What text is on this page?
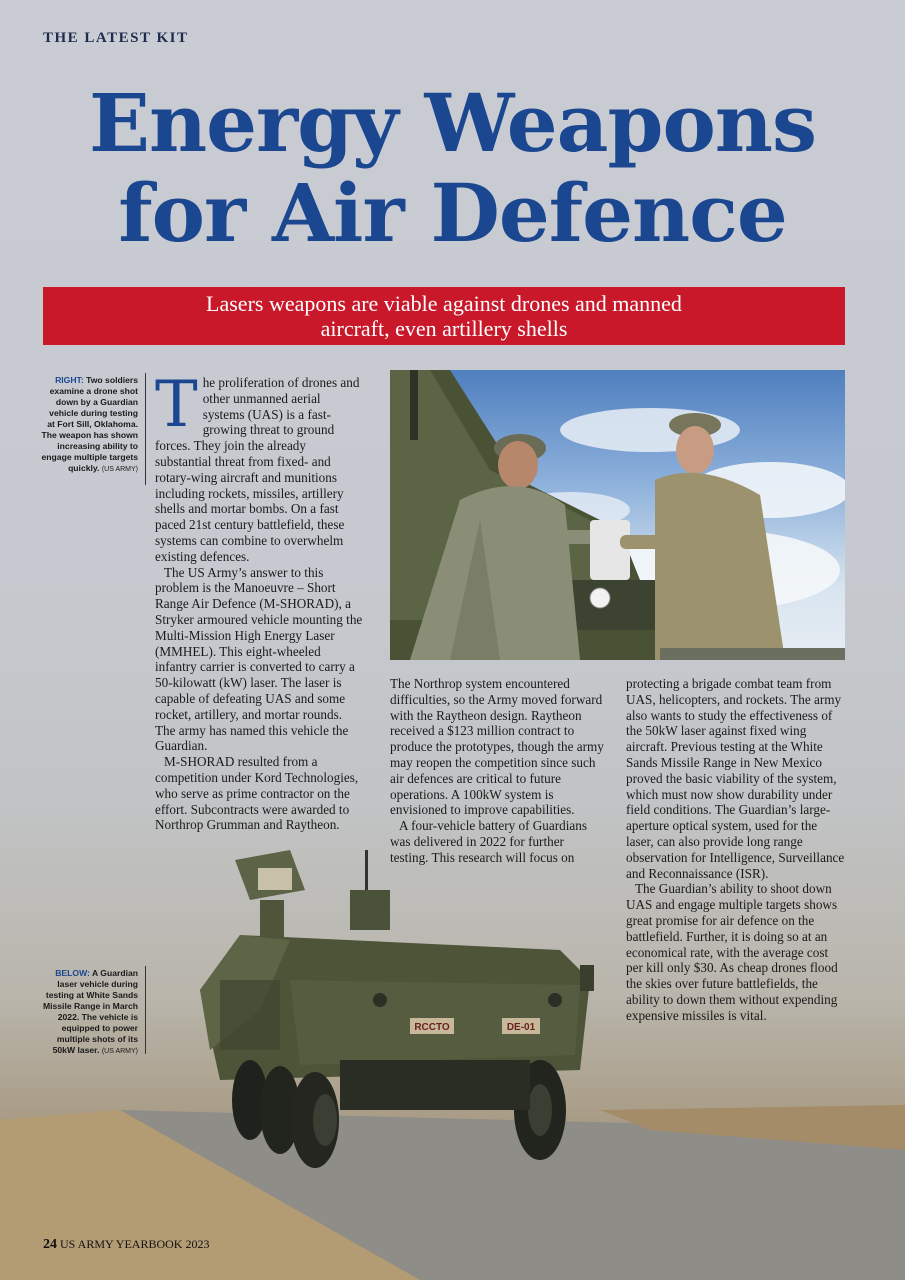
THE LATEST KIT
Energy Weapons
for Air Defence
Lasers weapons are viable against drones and manned
aircraft, even artillery shells
RIGHT: Two soldiers examine a drone shot down by a Guardian vehicle during testing at Fort Sill, Oklahoma. The weapon has shown increasing ability to engage multiple targets quickly. (US ARMY)
BELOW: A Guardian laser vehicle during testing at White Sands Missile Range in March 2022. The vehicle is equipped to power multiple shots of its 50kW laser. (US ARMY)
T he proliferation of drones and other unmanned aerial systems (UAS) is a fast-growing threat to ground forces. They join the already substantial threat from fixed- and rotary-wing aircraft and munitions including rockets, missiles, artillery shells and mortar bombs. On a fast paced 21st century battlefield, these systems can combine to overwhelm existing defences.

The US Army’s answer to this problem is the Manoeuvre – Short Range Air Defence (M-SHORAD), a Stryker armoured vehicle mounting the Multi-Mission High Energy Laser (MMHEL). This eight-wheeled infantry carrier is converted to carry a 50-kilowatt (kW) laser. The laser is capable of defeating UAS and some rocket, artillery, and mortar rounds. The army has named this vehicle the Guardian.

M-SHORAD resulted from a competition under Kord Technologies, who serve as prime contractor on the effort. Subcontracts were awarded to Northrop Grumman and Raytheon.

The Northrop system encountered difficulties, so the Army moved forward with the Raytheon design. Raytheon received a $123 million contract to produce the prototypes, though the army may reopen the competition since such air defences are critical to future operations. A 100kW system is envisioned to improve capabilities.

A four-vehicle battery of Guardians was delivered in 2022 for further testing. This research will focus on

protecting a brigade combat team from UAS, helicopters, and rockets. The army also wants to study the effectiveness of the 50kW laser against fixed wing aircraft. Previous testing at the White Sands Missile Range in New Mexico proved the basic viability of the system, which must now show durability under field conditions. The Guardian’s large-aperture optical system, used for the laser, can also provide long range observation for Intelligence, Surveillance and Reconnaissance (ISR).

The Guardian’s ability to shoot down UAS and engage multiple targets shows great promise for air defence on the battlefield. Further, it is doing so at an economical rate, with the average cost per kill only $30. As cheap drones flood the skies over future battlefields, the ability to down them without expending expensive missiles is vital.

RCCTO	DE-01
24 US ARMY YEARBOOK 2023
